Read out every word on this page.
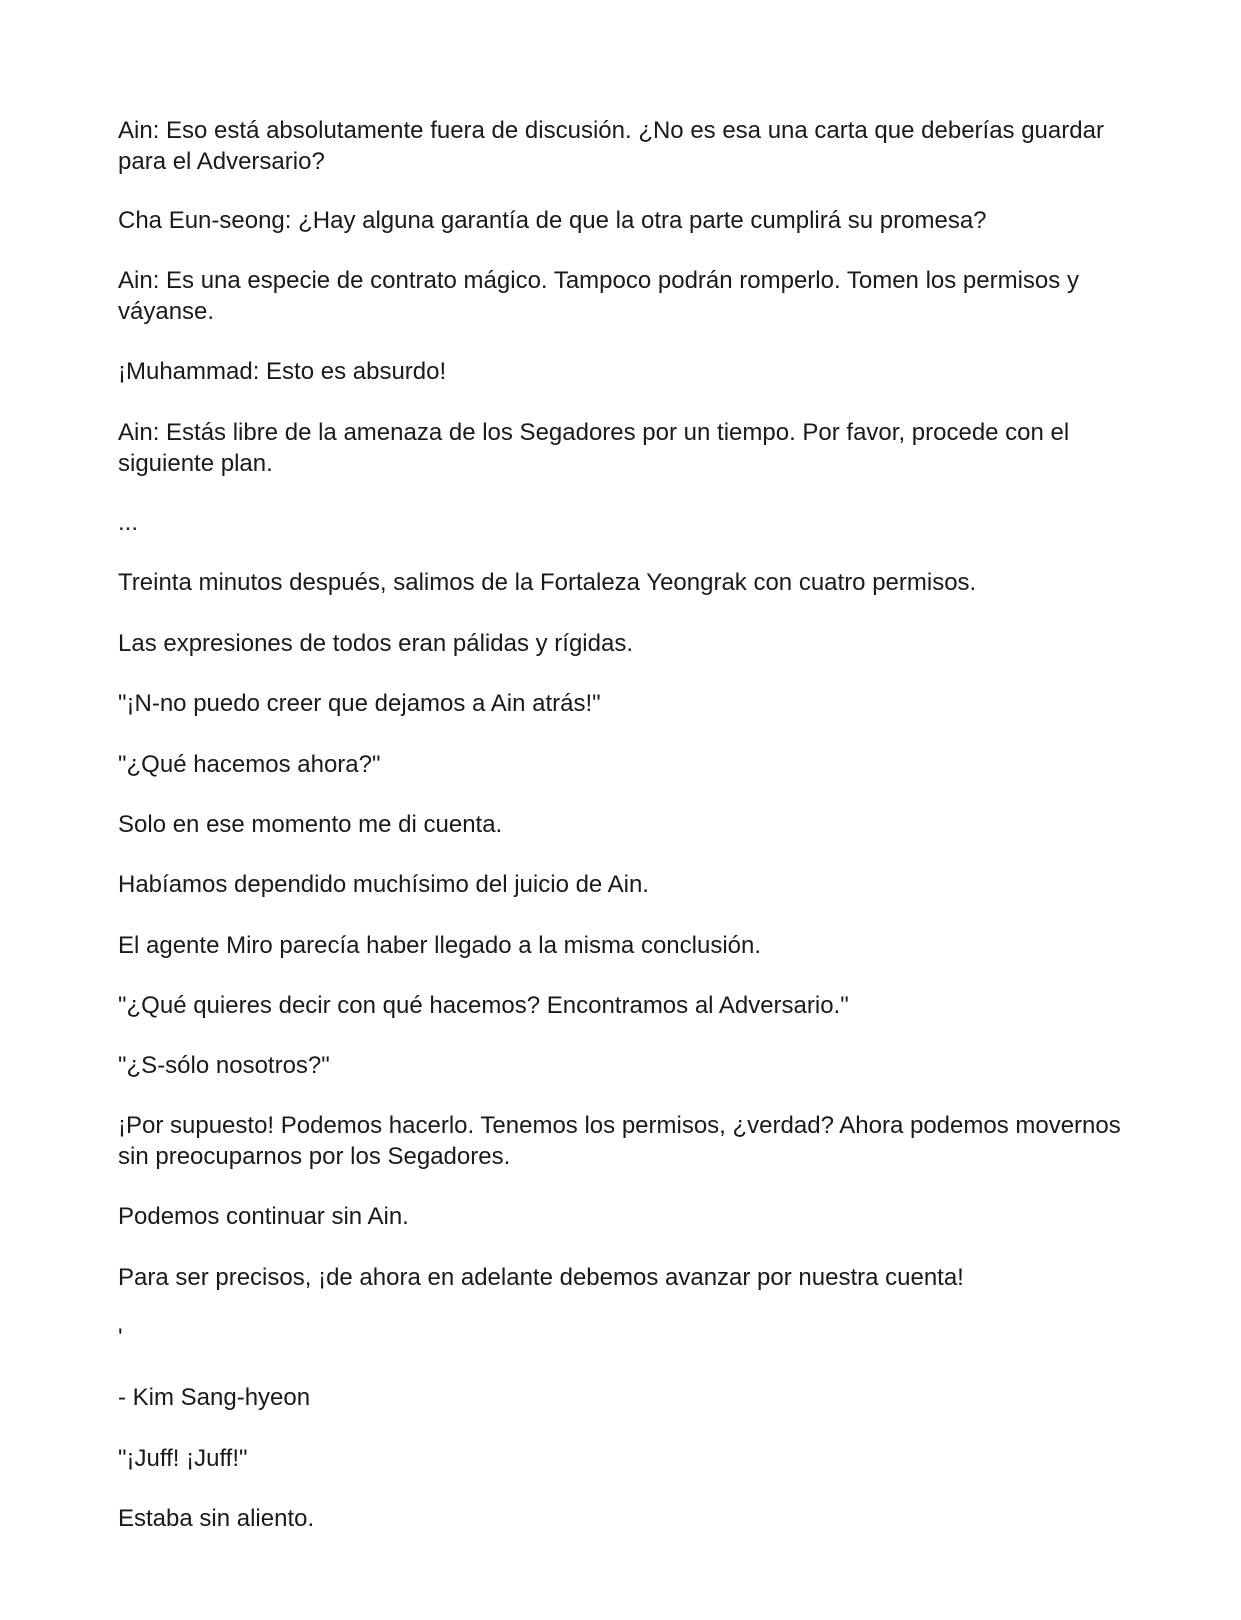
Ain: Eso está absolutamente fuera de discusión. ¿No es esa una carta que deberías guardar para el Adversario?

Cha Eun-seong: ¿Hay alguna garantía de que la otra parte cumplirá su promesa?

Ain: Es una especie de contrato mágico. Tampoco podrán romperlo. Tomen los permisos y váyanse.

¡Muhammad: Esto es absurdo!

Ain: Estás libre de la amenaza de los Segadores por un tiempo. Por favor, procede con el siguiente plan.

...

Treinta minutos después, salimos de la Fortaleza Yeongrak con cuatro permisos.

Las expresiones de todos eran pálidas y rígidas.

"¡N-no puedo creer que dejamos a Ain atrás!"

"¿Qué hacemos ahora?"

Solo en ese momento me di cuenta.

Habíamos dependido muchísimo del juicio de Ain.

El agente Miro parecía haber llegado a la misma conclusión.

"¿Qué quieres decir con qué hacemos? Encontramos al Adversario."

"¿S-sólo nosotros?"

¡Por supuesto! Podemos hacerlo. Tenemos los permisos, ¿verdad? Ahora podemos movernos sin preocuparnos por los Segadores.

Podemos continuar sin Ain.

Para ser precisos, ¡de ahora en adelante debemos avanzar por nuestra cuenta!

'

- Kim Sang-hyeon

"¡Juff! ¡Juff!"

Estaba sin aliento.
